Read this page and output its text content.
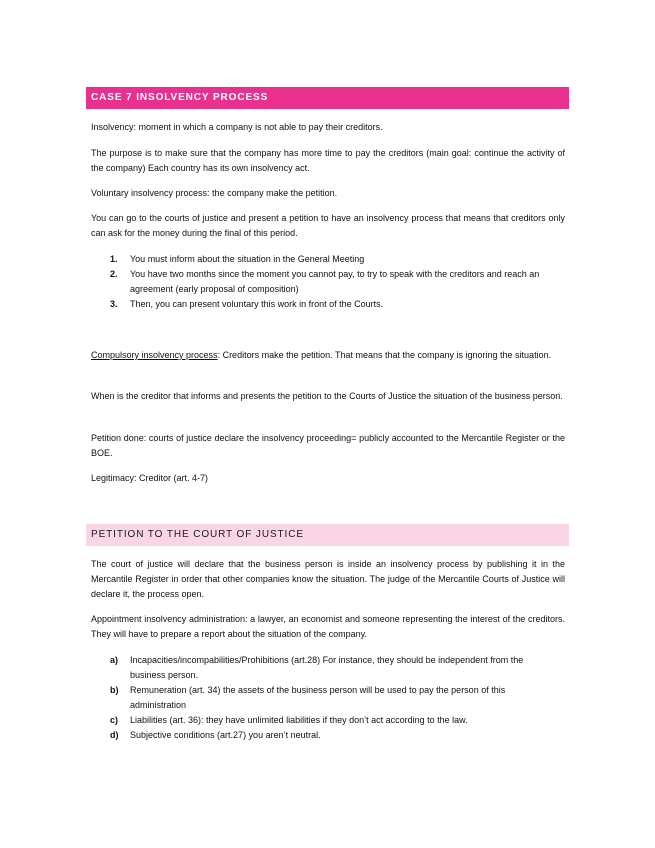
CASE 7 INSOLVENCY PROCESS

Insolvency: moment in which a company is not able to pay their creditors.

The purpose is to make sure that the company has more time to pay the creditors (main goal: continue the activity of the company) Each country has its own insolvency act.

Voluntary insolvency process: the company make the petition.

You can go to the courts of justice and present a petition to have an insolvency process that means that creditors only can ask for the money during the final of this period.

1. You must inform about the situation in the General Meeting
2. You have two months since the moment you cannot pay, to try to speak with the creditors and reach an agreement (early proposal of composition)
3. Then, you can present voluntary this work in front of the Courts.

Compulsory insolvency process: Creditors make the petition. That means that the company is ignoring the situation.

When is the creditor that informs and presents the petition to the Courts of Justice the situation of the business person.

Petition done: courts of justice declare the insolvency proceeding= publicly accounted to the Mercantile Register or the BOE.

Legitimacy: Creditor (art. 4-7)

PETITION TO THE COURT OF JUSTICE

The court of justice will declare that the business person is inside an insolvency process by publishing it in the Mercantile Register in order that other companies know the situation. The judge of the Mercantile Courts of Justice will declare it, the process open.

Appointment insolvency administration: a lawyer, an economist and someone representing the interest of the creditors. They will have to prepare a report about the situation of the company.

a) Incapacities/incompabilities/Prohibitions (art.28) For instance, they should be independent from the business person.
b) Remuneration (art. 34) the assets of the business person will be used to pay the person of this administration
c) Liabilities (art. 36): they have unlimited liabilities if they don’t act according to the law.
d) Subjective conditions (art.27) you aren’t neutral.
